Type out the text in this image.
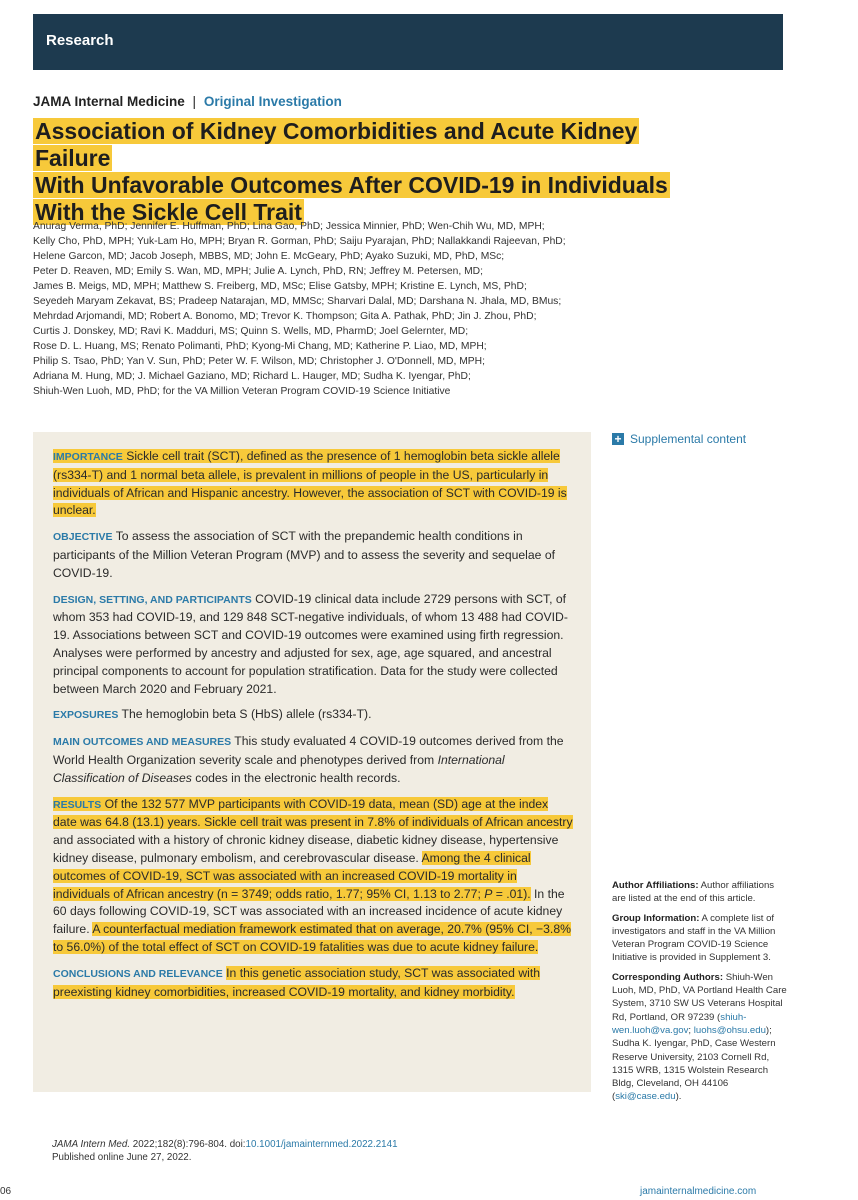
Research
JAMA Internal Medicine | Original Investigation
Association of Kidney Comorbidities and Acute Kidney Failure
With Unfavorable Outcomes After COVID-19 in Individuals
With the Sickle Cell Trait
Anurag Verma, PhD; Jennifer E. Huffman, PhD; Lina Gao, PhD; Jessica Minnier, PhD; Wen-Chih Wu, MD, MPH;
Kelly Cho, PhD, MPH; Yuk-Lam Ho, MPH; Bryan R. Gorman, PhD; Saiju Pyarajan, PhD; Nallakkandi Rajeevan, PhD;
Helene Garcon, MD; Jacob Joseph, MBBS, MD; John E. McGeary, PhD; Ayako Suzuki, MD, PhD, MSc;
Peter D. Reaven, MD; Emily S. Wan, MD, MPH; Julie A. Lynch, PhD, RN; Jeffrey M. Petersen, MD;
James B. Meigs, MD, MPH; Matthew S. Freiberg, MD, MSc; Elise Gatsby, MPH; Kristine E. Lynch, MS, PhD;
Seyedeh Maryam Zekavat, BS; Pradeep Natarajan, MD, MMSc; Sharvari Dalal, MD; Darshana N. Jhala, MD, BMus;
Mehrdad Arjomandi, MD; Robert A. Bonomo, MD; Trevor K. Thompson; Gita A. Pathak, PhD; Jin J. Zhou, PhD;
Curtis J. Donskey, MD; Ravi K. Madduri, MS; Quinn S. Wells, MD, PharmD; Joel Gelernter, MD;
Rose D. L. Huang, MS; Renato Polimanti, PhD; Kyong-Mi Chang, MD; Katherine P. Liao, MD, MPH;
Philip S. Tsao, PhD; Yan V. Sun, PhD; Peter W. F. Wilson, MD; Christopher J. O'Donnell, MD, MPH;
Adriana M. Hung, MD; J. Michael Gaziano, MD; Richard L. Hauger, MD; Sudha K. Iyengar, PhD;
Shiuh-Wen Luoh, MD, PhD; for the VA Million Veteran Program COVID-19 Science Initiative

IMPORTANCE Sickle cell trait (SCT), defined as the presence of 1 hemoglobin beta sickle allele (rs334-T) and 1 normal beta allele, is prevalent in millions of people in the US, particularly in individuals of African and Hispanic ancestry. However, the association of SCT with COVID-19 is unclear.

OBJECTIVE To assess the association of SCT with the prepandemic health conditions in participants of the Million Veteran Program (MVP) and to assess the severity and sequelae of COVID-19.

DESIGN, SETTING, AND PARTICIPANTS COVID-19 clinical data include 2729 persons with SCT, of whom 353 had COVID-19, and 129 848 SCT-negative individuals, of whom 13 488 had COVID-19. Associations between SCT and COVID-19 outcomes were examined using firth regression. Analyses were performed by ancestry and adjusted for sex, age, age squared, and ancestral principal components to account for population stratification. Data for the study were collected between March 2020 and February 2021.

EXPOSURES The hemoglobin beta S (HbS) allele (rs334-T).

MAIN OUTCOMES AND MEASURES This study evaluated 4 COVID-19 outcomes derived from the World Health Organization severity scale and phenotypes derived from International Classification of Diseases codes in the electronic health records.

RESULTS Of the 132 577 MVP participants with COVID-19 data, mean (SD) age at the index date was 64.8 (13.1) years. Sickle cell trait was present in 7.8% of individuals of African ancestry and associated with a history of chronic kidney disease, diabetic kidney disease, hypertensive kidney disease, pulmonary embolism, and cerebrovascular disease. Among the 4 clinical outcomes of COVID-19, SCT was associated with an increased COVID-19 mortality in individuals of African ancestry (n = 3749; odds ratio, 1.77; 95% CI, 1.13 to 2.77; P = .01). In the 60 days following COVID-19, SCT was associated with an increased incidence of acute kidney failure. A counterfactual mediation framework estimated that on average, 20.7% (95% CI, −3.8% to 56.0%) of the total effect of SCT on COVID-19 fatalities was due to acute kidney failure.

CONCLUSIONS AND RELEVANCE In this genetic association study, SCT was associated with preexisting kidney comorbidities, increased COVID-19 mortality, and kidney morbidity.

+ Supplemental content

Author Affiliations: Author affiliations are listed at the end of this article.

Group Information: A complete list of investigators and staff in the VA Million Veteran Program COVID-19 Science Initiative is provided in Supplement 3.

Corresponding Authors: Shiuh-Wen Luoh, MD, PhD, VA Portland Health Care System, 3710 SW US Veterans Hospital Rd, Portland, OR 97239 (shiuh-wen.luoh@va.gov; luohs@ohsu.edu); Sudha K. Iyengar, PhD, Case Western Reserve University, 2103 Cornell Rd, 1315 WRB, 1315 Wolstein Research Bldg, Cleveland, OH 44106 (ski@case.edu).

JAMA Intern Med. 2022;182(8):796-804. doi:10.1001/jamainternmed.2022.2141
Published online June 27, 2022.
06	jamainternalmedicine.com
